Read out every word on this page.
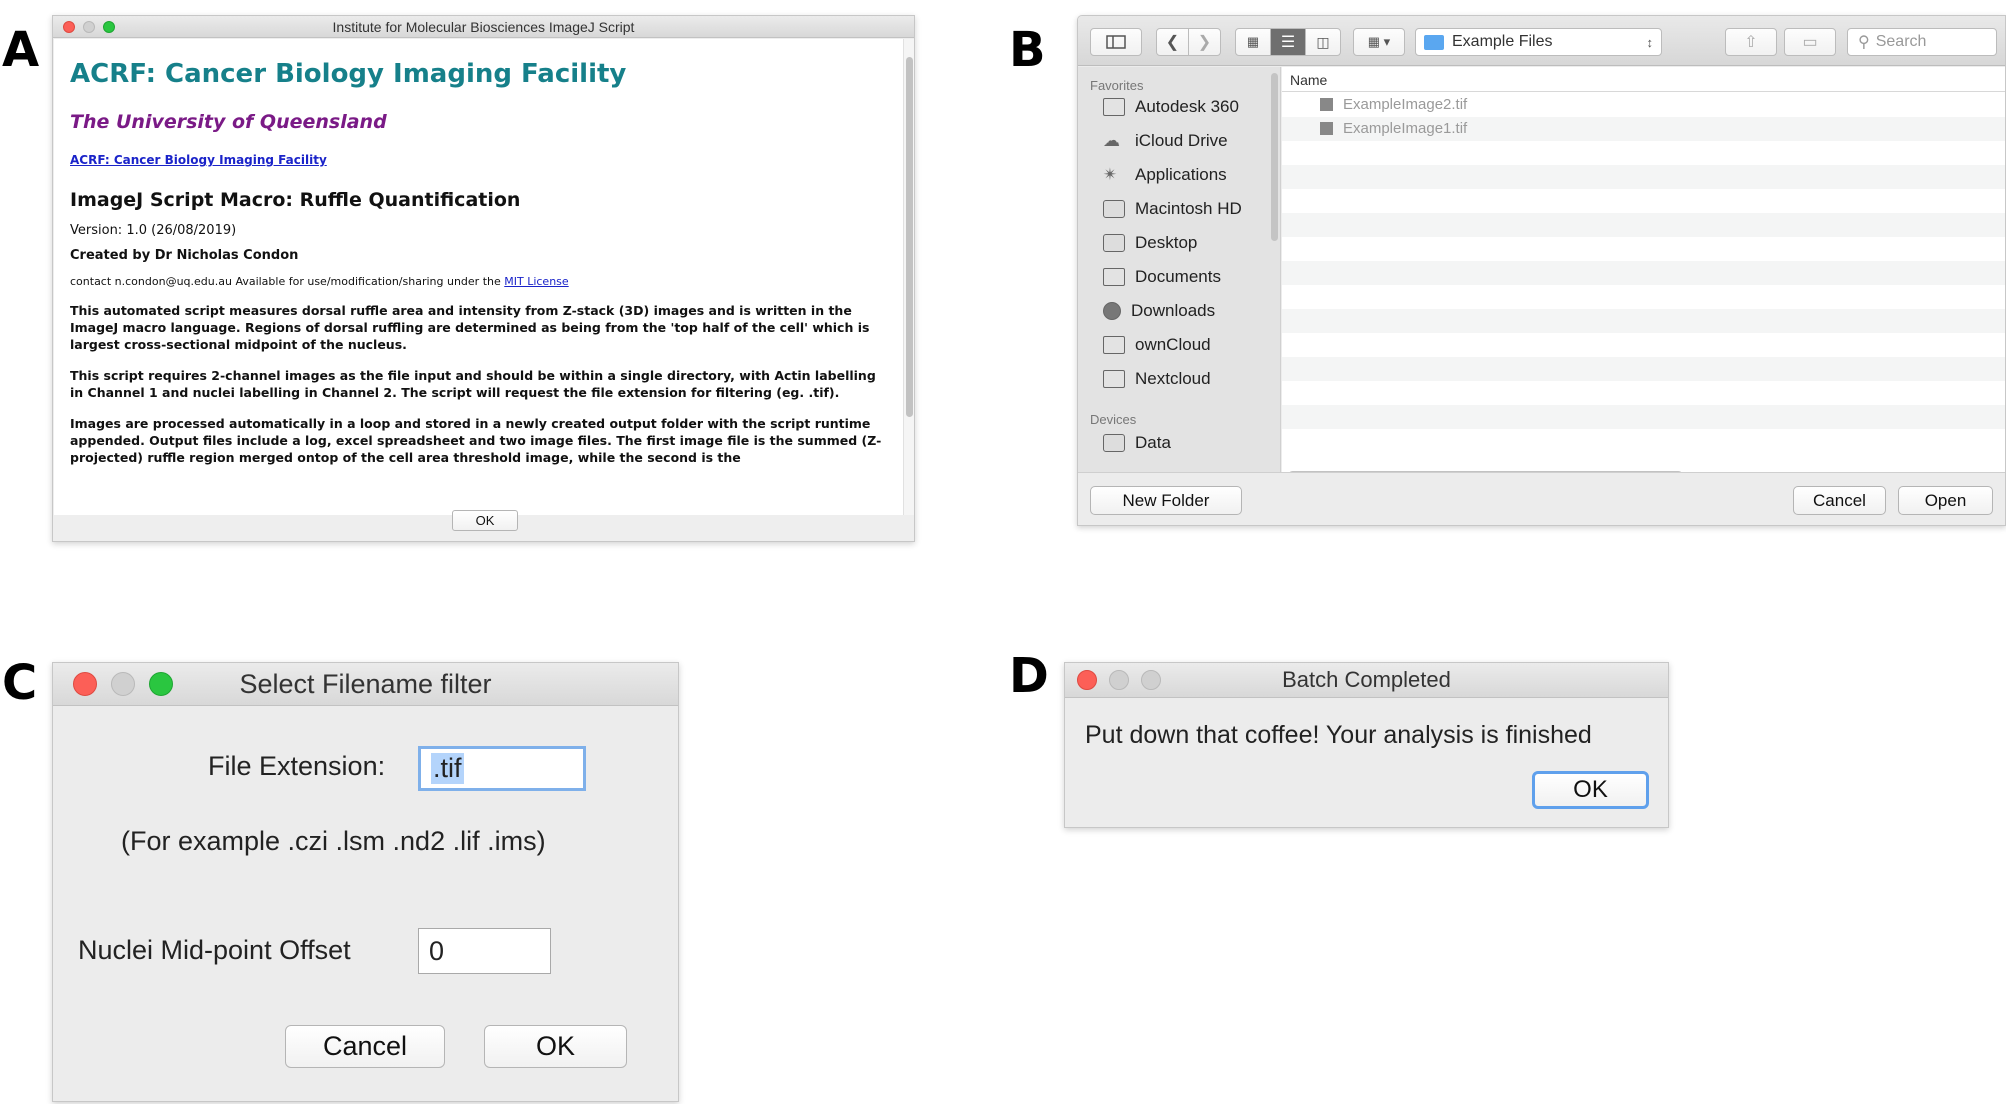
A	B
C	D
Institute for Molecular Biosciences ImageJ Script
ACRF: Cancer Biology Imaging Facility
The University of Queensland
ACRF: Cancer Biology Imaging Facility
ImageJ Script Macro: Ruffle Quantification
Version: 1.0 (26/08/2019)
Created by Dr Nicholas Condon
contact n.condon@uq.edu.au Available for use/modification/sharing under the MIT License
This automated script measures dorsal ruffle area and intensity from Z-stack (3D) images and is written in the ImageJ macro language. Regions of dorsal ruffling are determined as being from the 'top half of the cell' which is largest cross-sectional midpoint of the nucleus.
This script requires 2-channel images as the file input and should be within a single directory, with Actin labelling in Channel 1 and nuclei labelling in Channel 2. The script will request the file extension for filtering (eg. .tif).
Images are processed automatically in a loop and stored in a newly created output folder with the script runtime appended. Output files include a log, excel spreadsheet and two image files. The first image file is the summed (Z-projected) ruffle region merged ontop of the cell area threshold image, while the second is the
OK
❮ ❯	▦ ☰ ◫	▦ ▾	Example Files	↕	⇧	▭	⚲ Search
Favorites
Autodesk 360
☁ iCloud Drive
✴	Applications
Macintosh HD
Desktop
Documents
Downloads
ownCloud
Nextcloud
Devices
Data
Name
ExampleImage2.tif
ExampleImage1.tif
New Folder	Cancel	Open
Select Filename filter
File Extension: .tif
(For example .czi .lsm .nd2 .lif .ims)
Nuclei Mid-point Offset	0
Cancel	OK
Batch Completed
Put down that coffee! Your analysis is finished
OK
